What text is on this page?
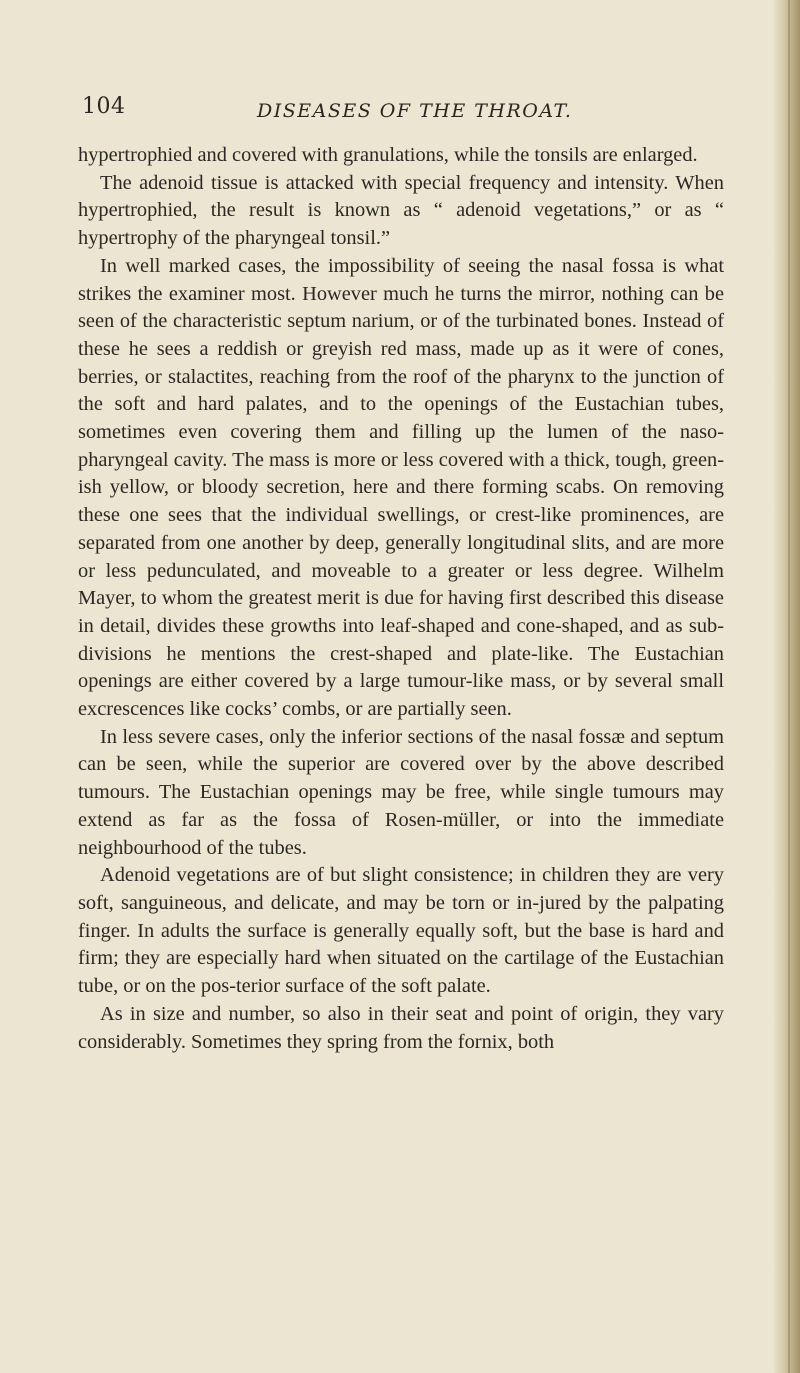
104	DISEASES OF THE THROAT.

hypertrophied and covered with granulations, while the tonsils are enlarged.

The adenoid tissue is attacked with special frequency and intensity. When hypertrophied, the result is known as “ adenoid vegetations,” or as “ hypertrophy of the pharyngeal tonsil.”

In well marked cases, the impossibility of seeing the nasal fossa is what strikes the examiner most. However much he turns the mirror, nothing can be seen of the characteristic septum narium, or of the turbinated bones. Instead of these he sees a reddish or greyish red mass, made up as it were of cones, berries, or stalactites, reaching from the roof of the pharynx to the junction of the soft and hard palates, and to the openings of the Eustachian tubes, sometimes even covering them and filling up the lumen of the naso-pharyngeal cavity. The mass is more or less covered with a thick, tough, green-ish yellow, or bloody secretion, here and there forming scabs. On removing these one sees that the individual swellings, or crest-like prominences, are separated from one another by deep, generally longitudinal slits, and are more or less pedunculated, and moveable to a greater or less degree. Wilhelm Mayer, to whom the greatest merit is due for having first described this disease in detail, divides these growths into leaf-shaped and cone-shaped, and as sub-divisions he mentions the crest-shaped and plate-like. The Eustachian openings are either covered by a large tumour-like mass, or by several small excrescences like cocks’ combs, or are partially seen.

In less severe cases, only the inferior sections of the nasal fossæ and septum can be seen, while the superior are covered over by the above described tumours. The Eustachian openings may be free, while single tumours may extend as far as the fossa of Rosen-müller, or into the immediate neighbourhood of the tubes.

Adenoid vegetations are of but slight consistence; in children they are very soft, sanguineous, and delicate, and may be torn or in-jured by the palpating finger. In adults the surface is generally equally soft, but the base is hard and firm; they are especially hard when situated on the cartilage of the Eustachian tube, or on the pos-terior surface of the soft palate.

As in size and number, so also in their seat and point of origin, they vary considerably. Sometimes they spring from the fornix, both
